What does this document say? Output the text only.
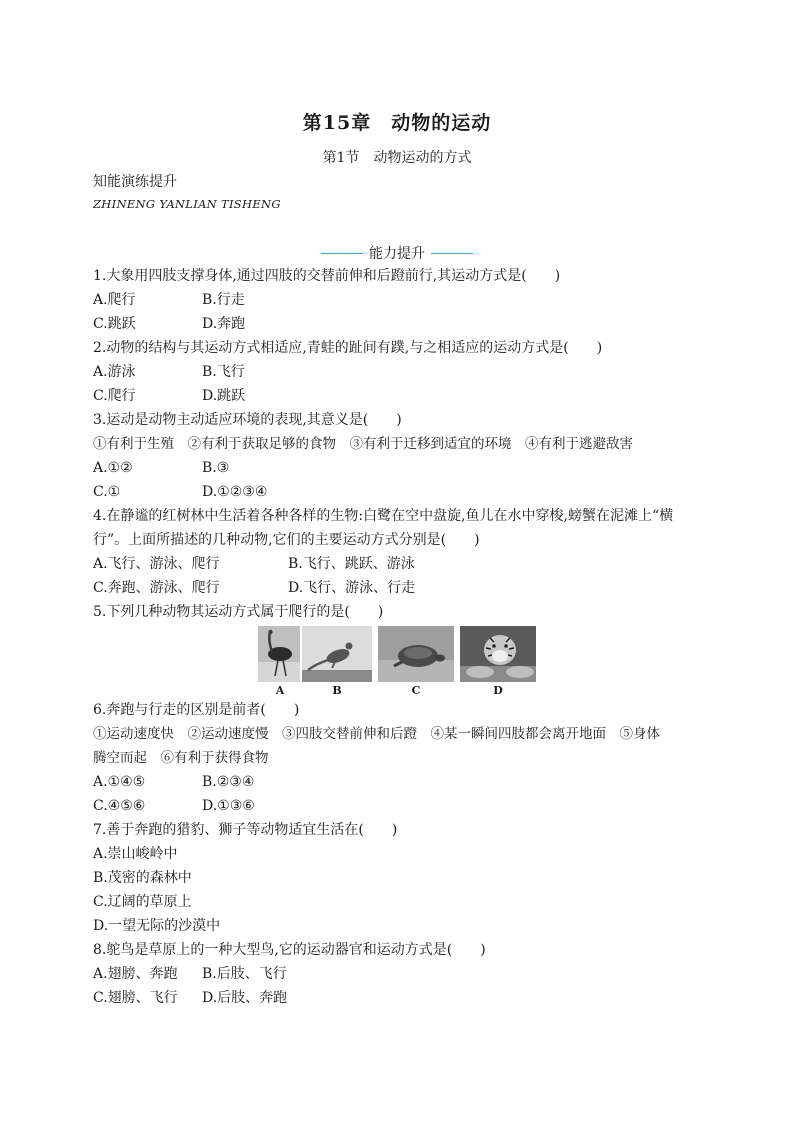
第15章　动物的运动
第1节　动物运动的方式
知能演练提升
ZHINENG YANLIAN TISHENG
能力提升
1.大象用四肢支撑身体,通过四肢的交替前伸和后蹬前行,其运动方式是(　　)
A.爬行	B.行走
C.跳跃	D.奔跑
2.动物的结构与其运动方式相适应,青蛙的趾间有蹼,与之相适应的运动方式是(　　)
A.游泳	B.飞行
C.爬行	D.跳跃
3.运动是动物主动适应环境的表现,其意义是(　　)
①有利于生殖　②有利于获取足够的食物　③有利于迁移到适宜的环境　④有利于逃避敌害
A.①②	B.③
C.①	D.①②③④
4.在静谧的红树林中生活着各种各样的生物:白鹭在空中盘旋,鱼儿在水中穿梭,螃蟹在泥滩上“横
行”。上面所描述的几种动物,它们的主要运动方式分别是(　　)
A.飞行、游泳、爬行	B.飞行、跳跃、游泳
C.奔跑、游泳、爬行	D.飞行、游泳、行走
5.下列几种动物其运动方式属于爬行的是(　　)
A	B	C	D
6.奔跑与行走的区别是前者(　　)
①运动速度快　②运动速度慢　③四肢交替前伸和后蹬　④某一瞬间四肢都会离开地面　⑤身体
腾空而起　⑥有利于获得食物
A.①④⑤	B.②③④
C.④⑤⑥	D.①③⑥
7.善于奔跑的猎豹、狮子等动物适宜生活在(　　)
A.崇山峻岭中
B.茂密的森林中
C.辽阔的草原上
D.一望无际的沙漠中
8.鸵鸟是草原上的一种大型鸟,它的运动器官和运动方式是(　　)
A.翅膀、奔跑 B.后肢、飞行
C.翅膀、飞行 D.后肢、奔跑
